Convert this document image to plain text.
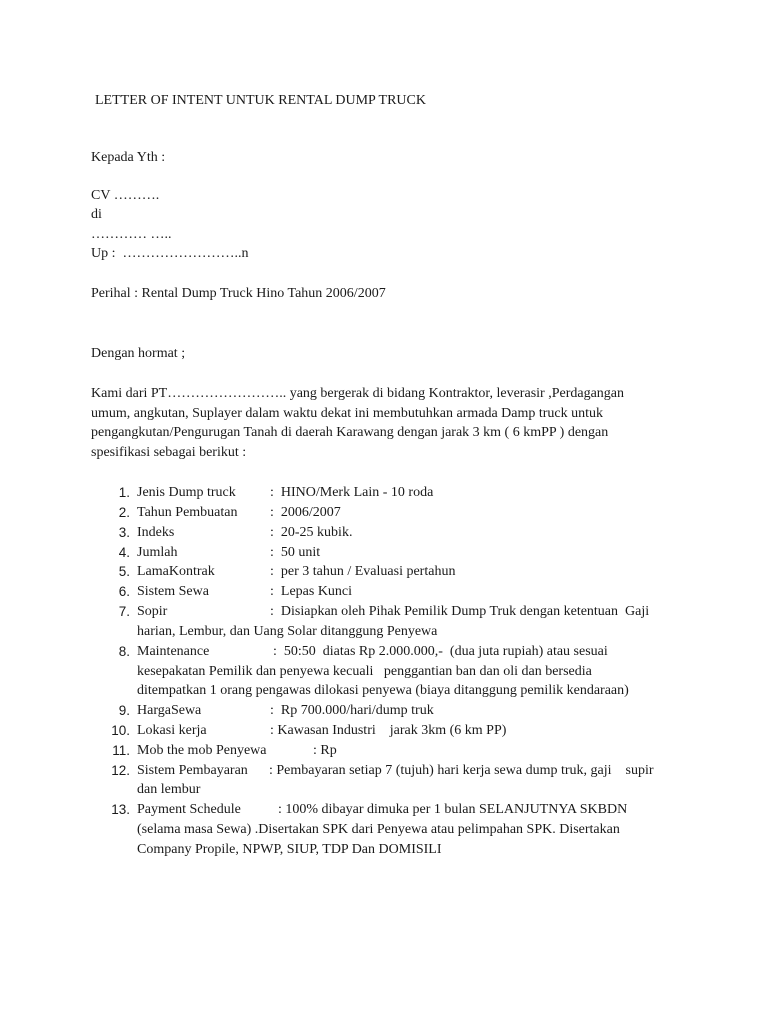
LETTER OF INTENT UNTUK RENTAL DUMP TRUCK
Kepada Yth :
CV ……….
di
………… …..
Up :  ……………………..n
Perihal : Rental Dump Truck Hino Tahun 2006/2007
Dengan hormat ;
Kami dari PT…………………….. yang bergerak di bidang Kontraktor, leverasir ,Perdagangan
umum, angkutan, Suplayer dalam waktu dekat ini membutuhkan armada Damp truck untuk
pengangkutan/Pengurugan Tanah di daerah Karawang dengan jarak 3 km ( 6 kmPP ) dengan
spesifikasi sebagai berikut :
1. Jenis Dump truck :  HINO/Merk Lain - 10 roda
2. Tahun Pembuatan :  2006/2007
3. Indeks	:  20-25 kubik.
4. Jumlah	:  50 unit
5. LamaKontrak	:  per 3 tahun / Evaluasi pertahun
6. Sistem Sewa	:  Lepas Kunci
7. Sopir	:  Disiapkan oleh Pihak Pemilik Dump Truk dengan ketentuan  Gaji
harian, Lembur, dan Uang Solar ditanggung Penyewa
8. Maintenance	:  50:50  diatas Rp 2.000.000,-  (dua juta rupiah) atau sesuai
kesepakatan Pemilik dan penyewa kecuali   penggantian ban dan oli dan bersedia
ditempatkan 1 orang pengawas dilokasi penyewa (biaya ditanggung pemilik kendaraan)
9. HargaSewa	:  Rp 700.000/hari/dump truk
10. Lokasi kerja	: Kawasan Industri    jarak 3km (6 km PP)
11. Mob the mob Penyewa	: Rp
12. Sistem Pembayaran : Pembayaran setiap 7 (tujuh) hari kerja sewa dump truk, gaji    supir
dan lembur
13. Payment Schedule	: 100% dibayar dimuka per 1 bulan SELANJUTNYA SKBDN
(selama masa Sewa) .Disertakan SPK dari Penyewa atau pelimpahan SPK. Disertakan
Company Propile, NPWP, SIUP, TDP Dan DOMISILI
